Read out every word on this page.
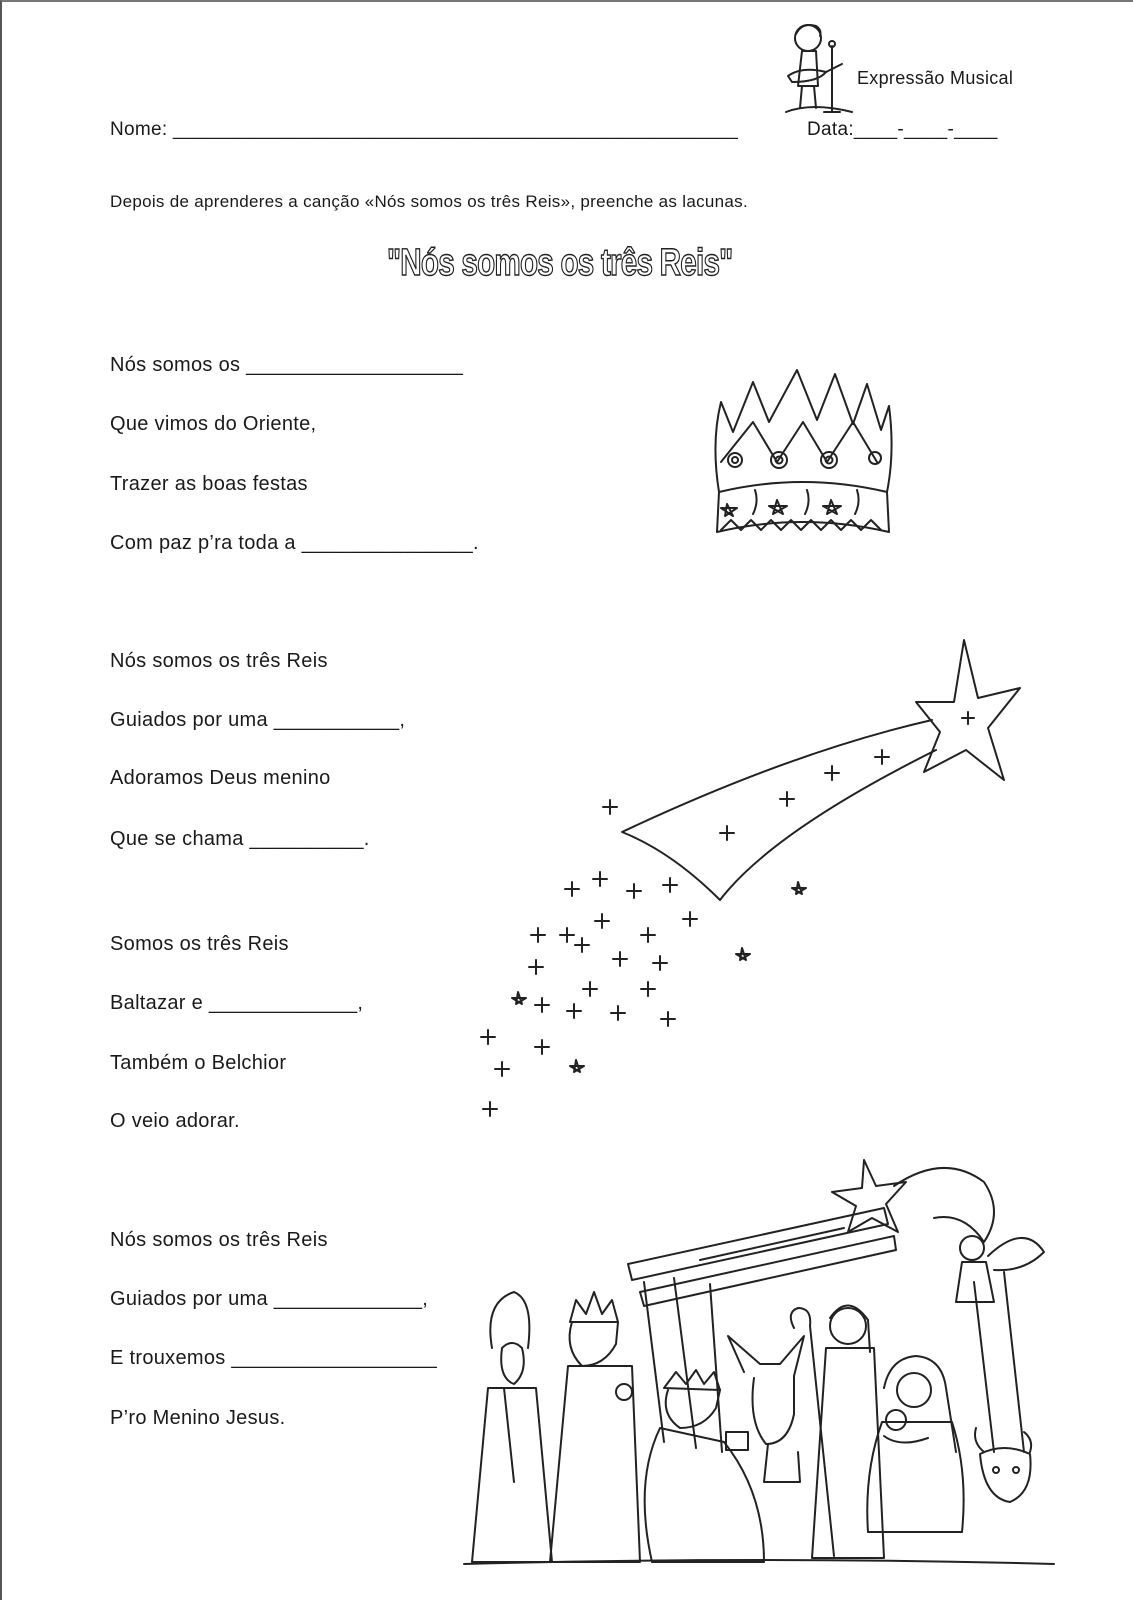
Expressão Musical
Nome: ____________________________________________________	Data:____-____-____
Depois de aprenderes a canção «Nós somos os três Reis», preenche as lacunas.
"Nós somos os três Reis"
Nós somos os ___________________
Que vimos do Oriente,
Trazer as boas festas
Com paz p’ra toda a _______________.
Nós somos os três Reis
Guiados por uma ___________,
Adoramos Deus menino
Que se chama __________.
Somos os três Reis
Baltazar e _____________,
Também o Belchior
O veio adorar.
Nós somos os três Reis
Guiados por uma _____________,
E trouxemos __________________
P’ro Menino Jesus.
